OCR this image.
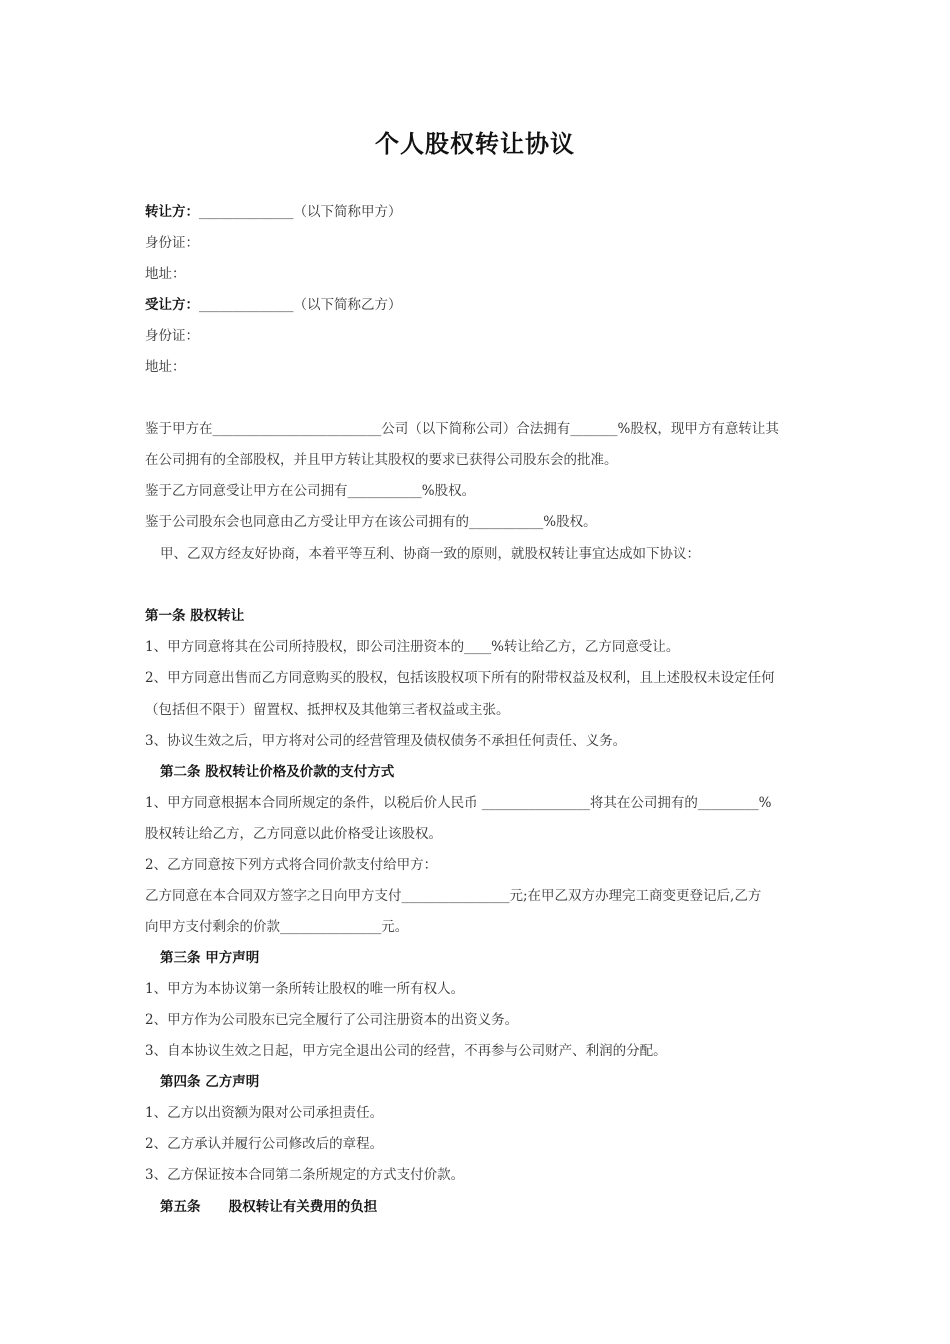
个人股权转让协议
转让方：______________（以下简称甲方）
身份证：
地址：
受让方：______________（以下简称乙方）
身份证：
地址：
鉴于甲方在_________________________公司（以下简称公司）合法拥有_______%股权，现甲方有意转让其
在公司拥有的全部股权，并且甲方转让其股权的要求已获得公司股东会的批准。
鉴于乙方同意受让甲方在公司拥有___________%股权。
鉴于公司股东会也同意由乙方受让甲方在该公司拥有的___________%股权。
甲、乙双方经友好协商，本着平等互利、协商一致的原则，就股权转让事宜达成如下协议：
第一条 股权转让
1、甲方同意将其在公司所持股权，即公司注册资本的____%转让给乙方，乙方同意受让。
2、甲方同意出售而乙方同意购买的股权，包括该股权项下所有的附带权益及权利，且上述股权未设定任何
（包括但不限于）留置权、抵押权及其他第三者权益或主张。
3、协议生效之后，甲方将对公司的经营管理及债权债务不承担任何责任、义务。
第二条 股权转让价格及价款的支付方式
1、甲方同意根据本合同所规定的条件，以税后价人民币 ________________将其在公司拥有的_________%
股权转让给乙方，乙方同意以此价格受让该股权。
2、乙方同意按下列方式将合同价款支付给甲方：
乙方同意在本合同双方签字之日向甲方支付________________元;在甲乙双方办理完工商变更登记后,乙方
向甲方支付剩余的价款_______________元。
第三条 甲方声明
1、甲方为本协议第一条所转让股权的唯一所有权人。
2、甲方作为公司股东已完全履行了公司注册资本的出资义务。
3、自本协议生效之日起，甲方完全退出公司的经营，不再参与公司财产、利润的分配。
第四条 乙方声明
1、乙方以出资额为限对公司承担责任。
2、乙方承认并履行公司修改后的章程。
3、乙方保证按本合同第二条所规定的方式支付价款。
第五条      股权转让有关费用的负担
